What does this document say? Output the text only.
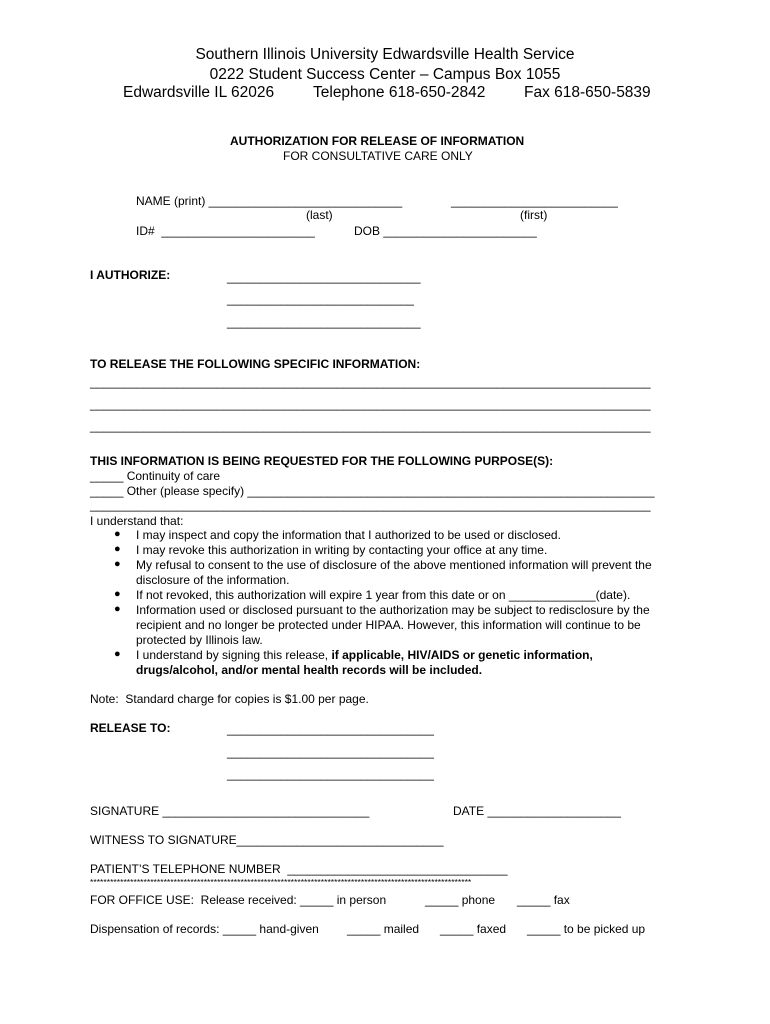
Southern Illinois University Edwardsville Health Service
0222 Student Success Center – Campus Box 1055
Edwardsville IL 62026	Telephone 618-650-2842 Fax 618-650-5839
AUTHORIZATION FOR RELEASE OF INFORMATION
FOR CONSULTATIVE CARE ONLY
NAME (print) _____________________________	_________________________
(last)	(first)
ID#  _______________________	DOB _______________________
I AUTHORIZE:	_____________________________
____________________________
_____________________________
TO RELEASE THE FOLLOWING SPECIFIC INFORMATION:
____________________________________________________________________________________
____________________________________________________________________________________
____________________________________________________________________________________
THIS INFORMATION IS BEING REQUESTED FOR THE FOLLOWING PURPOSE(S):
_____ Continuity of care
_____ Other (please specify) _____________________________________________________________
____________________________________________________________________________________
I understand that:
● I may inspect and copy the information that I authorized to be used or disclosed.
● I may revoke this authorization in writing by contacting your office at any time.
● My refusal to consent to the use of disclosure of the above mentioned information will prevent the disclosure of the information.
● If not revoked, this authorization will expire 1 year from this date or on _____________(date).
● Information used or disclosed pursuant to the authorization may be subject to redisclosure by the recipient and no longer be protected under HIPAA. However, this information will continue to be protected by Illinois law.
● I understand by signing this release, if applicable, HIV/AIDS or genetic information, drugs/alcohol, and/or mental health records will be included.
Note:  Standard charge for copies is $1.00 per page.
RELEASE TO:	_______________________________
_______________________________
_______________________________
SIGNATURE _______________________________	DATE ____________________
WITNESS TO SIGNATURE_______________________________
PATIENT’S TELEPHONE NUMBER  _________________________________
******************************************************************************************************************
FOR OFFICE USE:  Release received: _____ in person	_____ phone _____ fax
Dispensation of records: _____ hand-given _____ mailed _____ faxed _____ to be picked up
